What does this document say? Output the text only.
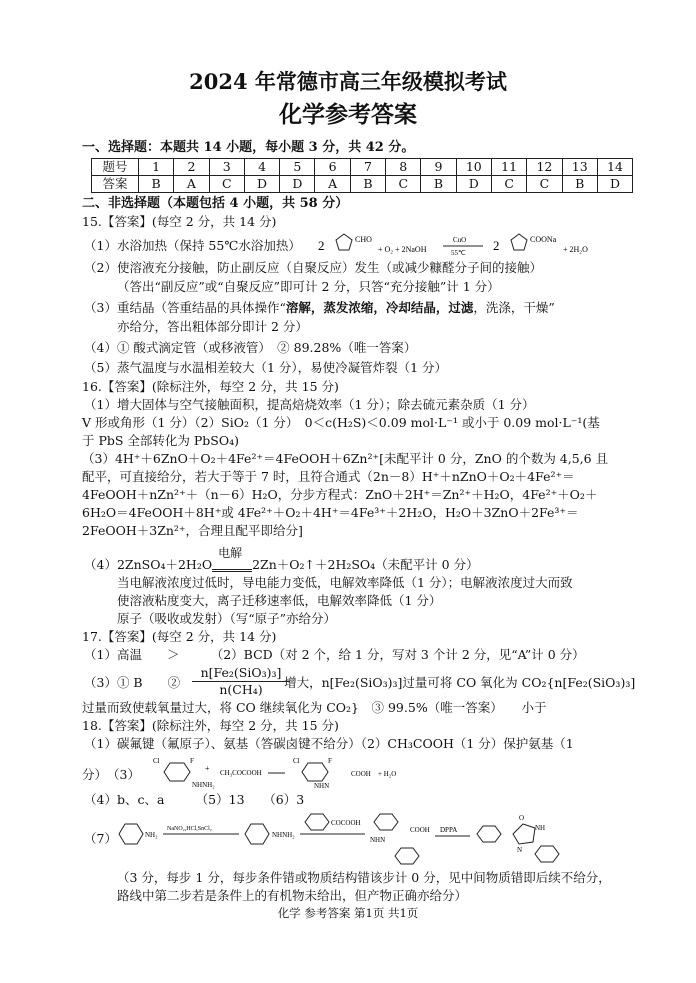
2024 年常德市高三年级模拟考试
化学参考答案
一、选择题：本题共 14 小题，每小题 3 分，共 42 分。
题号	1	2	3	4	5	6	7	8	9	10	11	12	13	14
答案	B	A	C	D	D	A	B	C	B	D	C	C	B	D
二、非选择题（本题包括 4 小题，共 58 分）
15.【答案】(每空 2 分，共 14 分)
（1）水浴加热（保持 55℃水浴加热） 2	CHO
+ O₂ + 2NaOH
CuO
55℃ 2	COONa
+ 2H₂O
（2）使溶液充分接触，防止副反应（自聚反应）发生（或减少糠醛分子间的接触）
（答出“副反应”或“自聚反应”即可计 2 分，只答“充分接触”计 1 分）
（3）重结晶（答重结晶的具体操作“溶解，蒸发浓缩，冷却结晶，过滤，洗涤，干燥”
亦给分，答出粗体部分即计 2 分）
（4）① 酸式滴定管（或移液管）　② 89.28%（唯一答案）
（5）蒸气温度与水温相差较大（1 分），易使冷凝管炸裂（1 分）
16.【答案】(除标注外，每空 2 分，共 15 分)
（1）增大固体与空气接触面积，提高焙烧效率（1 分）；除去硫元素杂质（1 分）
V 形或角形（1 分）（2）SiO₂（1 分）　0＜c(H₂S)＜0.09 mol·L⁻¹ 或小于 0.09 mol·L⁻¹(基
于 PbS 全部转化为 PbSO₄)
（3）4H⁺＋6ZnO＋O₂＋4Fe²⁺＝4FeOOH＋6Zn²⁺[未配平计 0 分，ZnO 的个数为 4,5,6 且
配平，可直接给分，若大于等于 7 时，且符合通式（2n－8）H⁺＋nZnO＋O₂＋4Fe²⁺＝
4FeOOH＋nZn²⁺＋（n－6）H₂O，分步方程式：ZnO＋2H⁺＝Zn²⁺＋H₂O，4Fe²⁺＋O₂＋
6H₂O＝4FeOOH＋8H⁺或 4Fe²⁺＋O₂＋4H⁺＝4Fe³⁺＋2H₂O，H₂O＋3ZnO＋2Fe³⁺＝
2FeOOH＋3Zn²⁺，合理且配平即给分]
（4）2ZnSO₄＋2H₂O
电解
2Zn＋O₂↑＋2H₂SO₄（未配平计 0 分）
当电解液浓度过低时，导电能力变低，电解效率降低（1 分）；电解液浓度过大而致
使溶液粘度变大，离子迁移速率低，电解效率降低（1 分）
原子（吸收或发射）（写“原子”亦给分）
17.【答案】(每空 2 分，共 14 分)
（1）高温　　＞　　　（2）BCD（对 2 个，给 1 分，写对 3 个计 2 分，见“A”计 0 分）
（3）① B　　②	增大，n[Fe₂(SiO₃)₃]过量可将 CO 氧化为 CO₂{n[Fe₂(SiO₃)₃]
n[Fe₂(SiO₃)₃]
n(CH₄)
过量而致使载氧量过大，将 CO 继续氧化为 CO₂}　③ 99.5%（唯一答案）　　小于
18.【答案】(除标注外，每空 2 分，共 15 分)
（1）碳氟键（氟原子）、氨基（答碳卤键不给分）（2）CH₃COOH（1 分）保护氨基（1
分）　（3）
Cl	F
NHNH₂
+ CH₃COCOOH
Cl	F
NHN
COOH + H₂O
（4）b、c、a　　　（5）13　　（6）3
（7）	NH₂
NaNO₂,HCl,SnCl₂
NHNH₂
COCOOH
NHN
COOH DPPA
O
NH
N
（3 分，每步 1 分，每步条件错或物质结构错该步计 0 分，见中间物质错即后续不给分，
路线中第二步若是条件上的有机物未给出，但产物正确亦给分）
化学 参考答案 第1页 共1页
